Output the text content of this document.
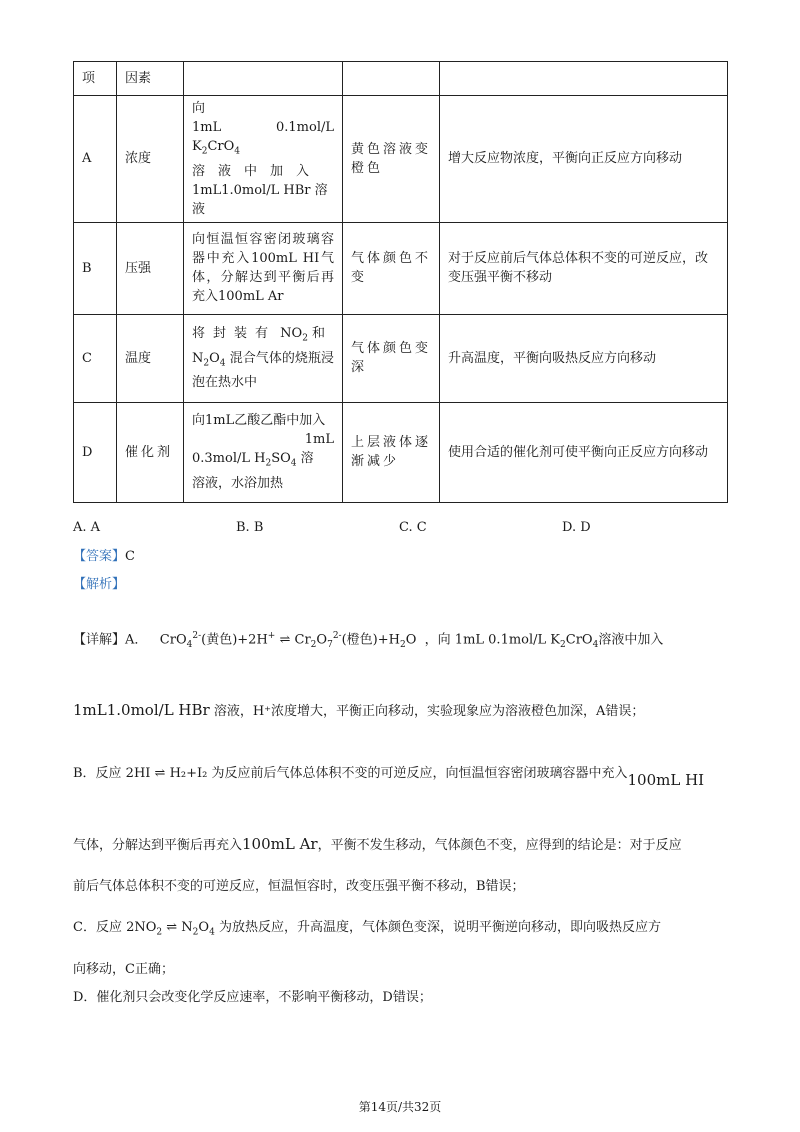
项	因素			
A	浓度	向
1mL 0.1mol/L $K_2CrO_4$
溶　液　中　加　入
1mL1.0mol/L HBr 溶
液	黄色溶液变橙色	增大反应物浓度，平衡向正反应方向移动
B	压强	向恒温恒容密闭玻璃容器中充入100mL HI气体，分解达到平衡后再充入100mL Ar	气体颜色不变	对于反应前后气体总体积不变的可逆反应，改变压强平衡不移动
C	温度	将封装有 $NO_2$ 和
$N_2O_4$ 混合气体的烧瓶浸泡在热水中	气体颜色变深	升高温度，平衡向吸热反应方向移动
D	催化剂	向1mL乙酸乙酯中加入
1mL
0.3mol/L $H_2SO_4$ 溶
溶液，水浴加热	上层液体逐渐减少	使用合适的催化剂可使平衡向正反应方向移动
A. A	B. B	C. C	D. D
【答案】C
【解析】
【详解】A．   CrO$_4^{2-}$(黄色)+2H+ ⇌ $Cr_2O_7^{2-}$(橙色)$+H_2O$ ，向 1mL 0.1mol/L $K_2CrO_4$溶液中加入
1mL1.0mol/L HBr 溶液，H⁺浓度增大，平衡正向移动，实验现象应为溶液橙色加深，A错误；
B．反应 2HI ⇌ H₂+I₂ 为反应前后气体总体积不变的可逆反应，向恒温恒容密闭玻璃容器中充入100mL HI
气体，分解达到平衡后再充入100mL Ar，平衡不发生移动，气体颜色不变，应得到的结论是：对于反应
前后气体总体积不变的可逆反应，恒温恒容时，改变压强平衡不移动，B错误；
C．反应 $2NO_2$ ⇌ $N_2O_4$ 为放热反应，升高温度，气体颜色变深，说明平衡逆向移动，即向吸热反应方
向移动，C正确；
D．催化剂只会改变化学反应速率，不影响平衡移动，D错误；
第14页/共32页
